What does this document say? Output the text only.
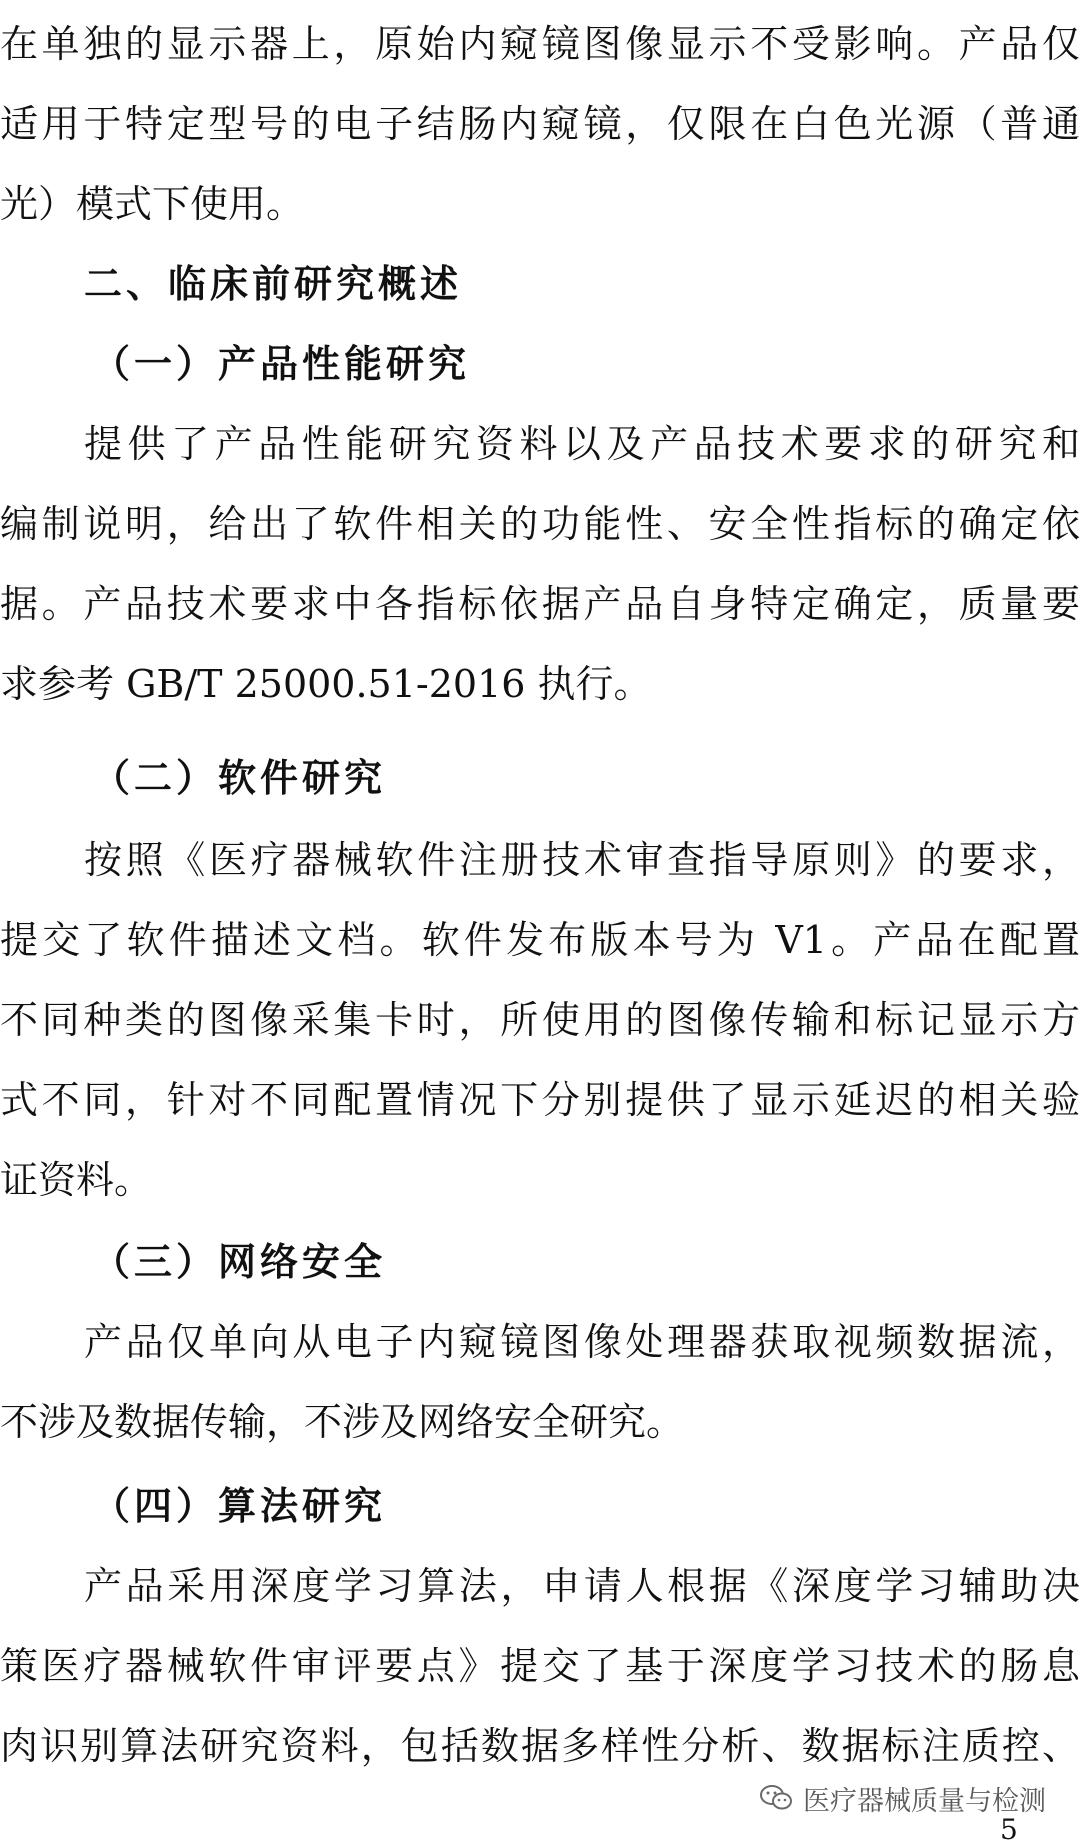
在单独的显示器上，原始内窥镜图像显示不受影响。产品仅
适用于特定型号的电子结肠内窥镜，仅限在白色光源（普通
光）模式下使用。
二、临床前研究概述
（一）产品性能研究
提供了产品性能研究资料以及产品技术要求的研究和
编制说明，给出了软件相关的功能性、安全性指标的确定依
据。产品技术要求中各指标依据产品自身特定确定，质量要
求参考 GB/T 25000.51-2016 执行。
（二）软件研究
按照《医疗器械软件注册技术审查指导原则》的要求，
提交了软件描述文档。软件发布版本号为 V1。产品在配置
不同种类的图像采集卡时，所使用的图像传输和标记显示方
式不同，针对不同配置情况下分别提供了显示延迟的相关验
证资料。
（三）网络安全
产品仅单向从电子内窥镜图像处理器获取视频数据流，
不涉及数据传输，不涉及网络安全研究。
（四）算法研究
产品采用深度学习算法，申请人根据《深度学习辅助决
策医疗器械软件审评要点》提交了基于深度学习技术的肠息
肉识别算法研究资料，包括数据多样性分析、数据标注质控、
医疗器械质量与检测
5
